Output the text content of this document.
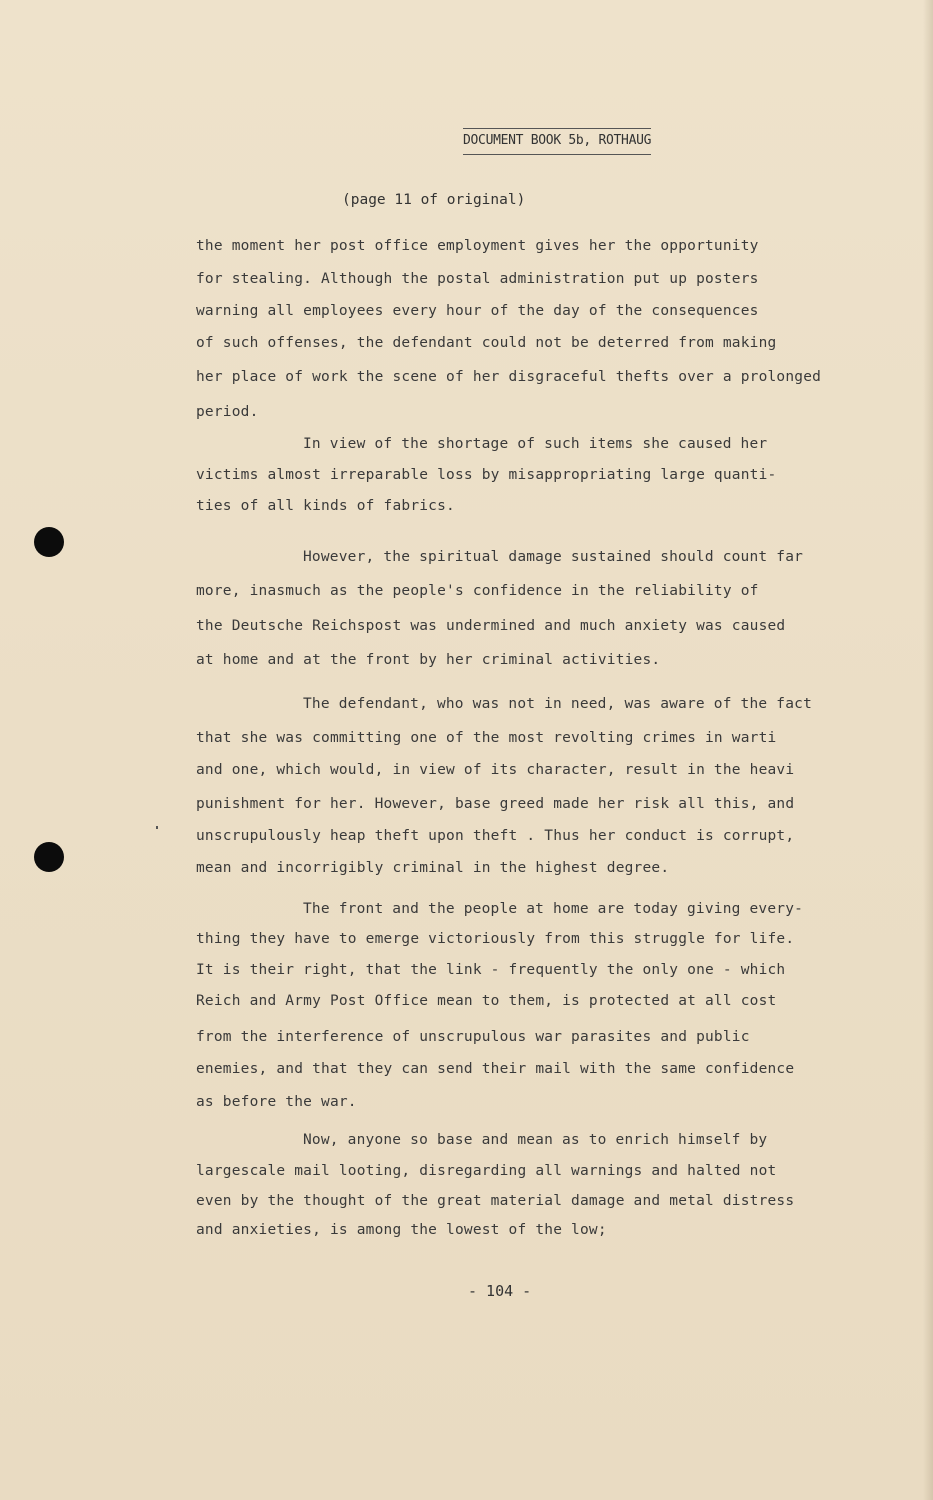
DOCUMENT BOOK 5b, ROTHAUG
(page 11 of original)
the moment her post office employment gives her the opportunity
for stealing. Although the postal administration put up posters
warning all employees every hour of the day of the consequences
of such offenses, the defendant could not be deterred from making
her place of work the scene of her disgraceful thefts over a prolonged
period.
In view of the shortage of such items she caused her
victims almost irreparable loss by misappropriating large quanti-
ties of all kinds of fabrics.
However, the spiritual damage sustained should count far
more, inasmuch as the people's confidence in the reliability of
the Deutsche Reichspost was undermined and much anxiety was caused
at home and at the front by her criminal activities.
The defendant, who was not in need, was aware of the fact
that she was committing one of the most revolting crimes in warti
and one, which would, in view of its character, result in the heavi
punishment for her. However, base greed made her risk all this, and
unscrupulously heap theft upon theft . Thus her conduct is corrupt,
mean and incorrigibly criminal in the highest degree.
The front and the people at home are today giving every-
thing they have to emerge victoriously from this struggle for life.
It is their right, that the link - frequently the only one - which
Reich and Army Post Office mean to them, is protected at all cost
from the interference of unscrupulous war parasites and public
enemies, and that they can send their mail with the same confidence
as before the war.
Now, anyone so base and mean as to enrich himself by
largescale mail looting, disregarding all warnings and halted not
even by the thought of the great material damage and metal distress
and anxieties, is among the lowest of the low;
- 104 -
